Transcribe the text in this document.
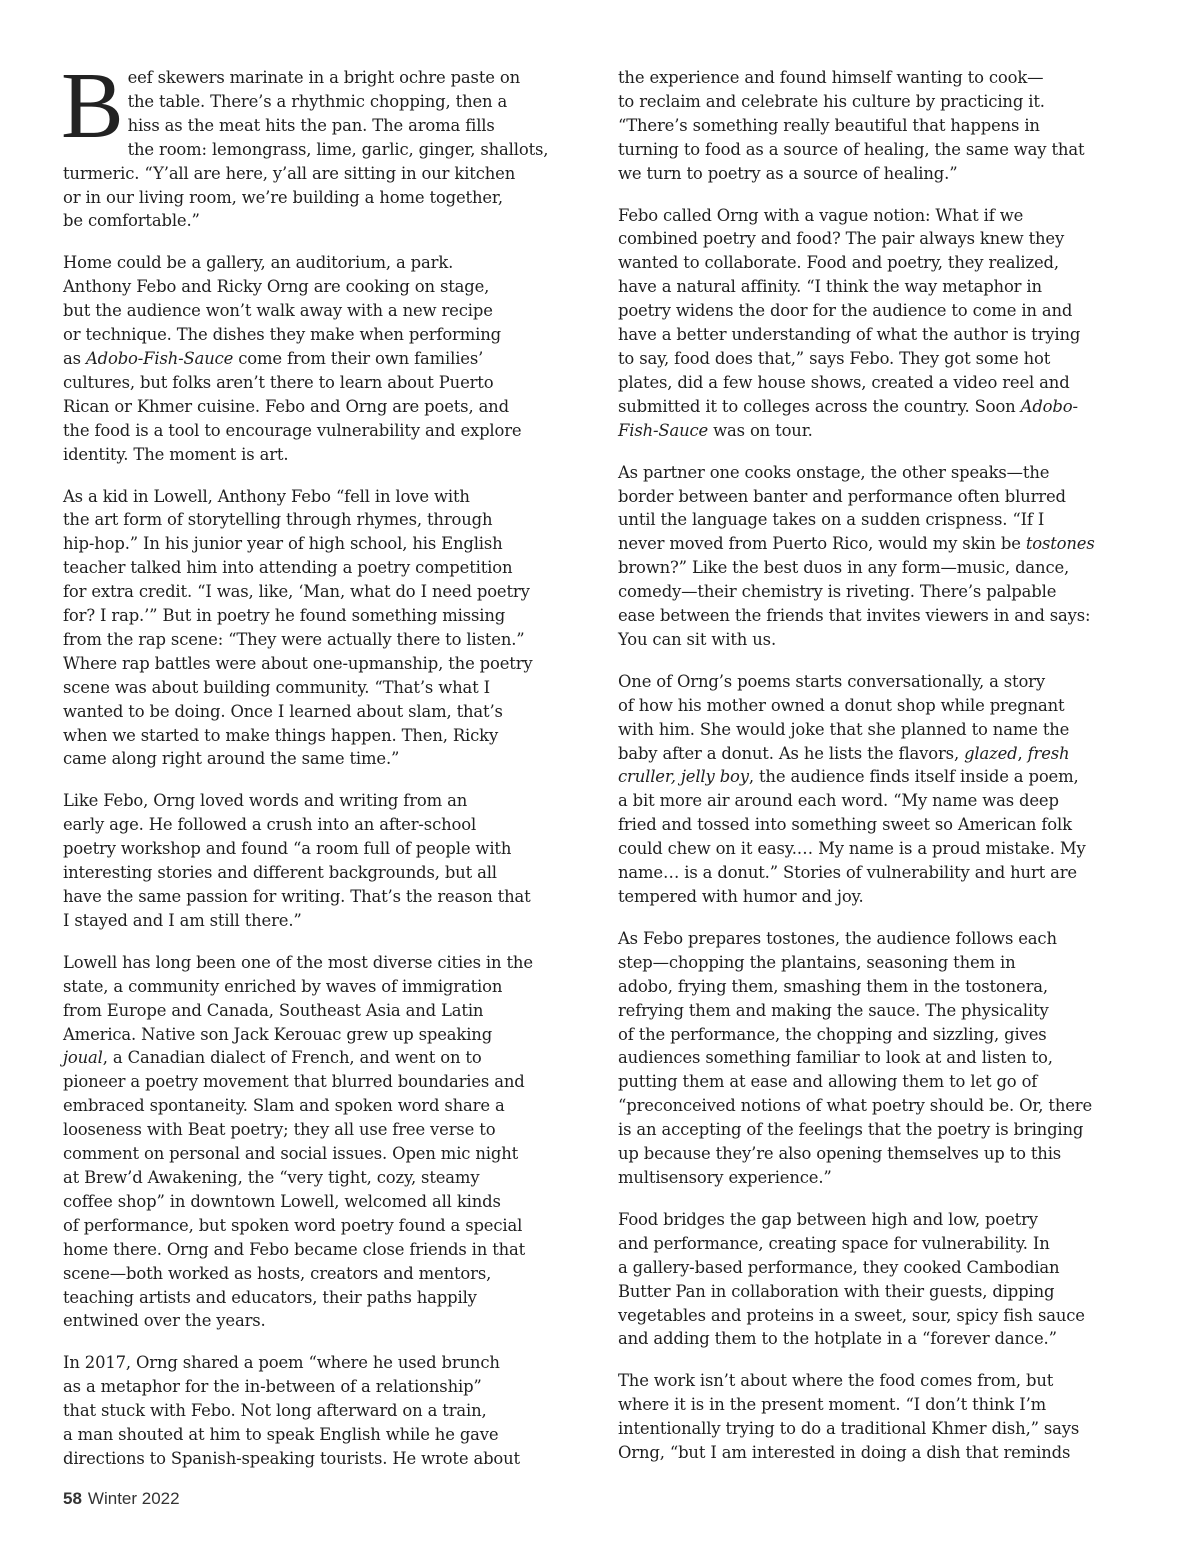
Beef skewers marinate in a bright ochre paste on
the table. There’s a rhythmic chopping, then a
hiss as the meat hits the pan. The aroma fills
the room: lemongrass, lime, garlic, ginger, shallots,
turmeric. “Y’all are here, y’all are sitting in our kitchen
or in our living room, we’re building a home together,
be comfortable.”

Home could be a gallery, an auditorium, a park.
Anthony Febo and Ricky Orng are cooking on stage,
but the audience won’t walk away with a new recipe
or technique. The dishes they make when performing
as Adobo-Fish-Sauce come from their own families’
cultures, but folks aren’t there to learn about Puerto
Rican or Khmer cuisine. Febo and Orng are poets, and
the food is a tool to encourage vulnerability and explore
identity. The moment is art.

As a kid in Lowell, Anthony Febo “fell in love with
the art form of storytelling through rhymes, through
hip-hop.” In his junior year of high school, his English
teacher talked him into attending a poetry competition
for extra credit. “I was, like, ‘Man, what do I need poetry
for? I rap.’” But in poetry he found something missing
from the rap scene: “They were actually there to listen.”
Where rap battles were about one-upmanship, the poetry
scene was about building community. “That’s what I
wanted to be doing. Once I learned about slam, that’s
when we started to make things happen. Then, Ricky
came along right around the same time.”

Like Febo, Orng loved words and writing from an
early age. He followed a crush into an after-school
poetry workshop and found “a room full of people with
interesting stories and different backgrounds, but all
have the same passion for writing. That’s the reason that
I stayed and I am still there.”

Lowell has long been one of the most diverse cities in the
state, a community enriched by waves of immigration
from Europe and Canada, Southeast Asia and Latin
America. Native son Jack Kerouac grew up speaking
joual, a Canadian dialect of French, and went on to
pioneer a poetry movement that blurred boundaries and
embraced spontaneity. Slam and spoken word share a
looseness with Beat poetry; they all use free verse to
comment on personal and social issues. Open mic night
at Brew’d Awakening, the “very tight, cozy, steamy
coffee shop” in downtown Lowell, welcomed all kinds
of performance, but spoken word poetry found a special
home there. Orng and Febo became close friends in that
scene—both worked as hosts, creators and mentors,
teaching artists and educators, their paths happily
entwined over the years.

In 2017, Orng shared a poem “where he used brunch
as a metaphor for the in-between of a relationship”
that stuck with Febo. Not long afterward on a train,
a man shouted at him to speak English while he gave
directions to Spanish-speaking tourists. He wrote about

the experience and found himself wanting to cook—
to reclaim and celebrate his culture by practicing it.
“There’s something really beautiful that happens in
turning to food as a source of healing, the same way that
we turn to poetry as a source of healing.”

Febo called Orng with a vague notion: What if we
combined poetry and food? The pair always knew they
wanted to collaborate. Food and poetry, they realized,
have a natural affinity. “I think the way metaphor in
poetry widens the door for the audience to come in and
have a better understanding of what the author is trying
to say, food does that,” says Febo. They got some hot
plates, did a few house shows, created a video reel and
submitted it to colleges across the country. Soon Adobo-
Fish-Sauce was on tour.

As partner one cooks onstage, the other speaks—the
border between banter and performance often blurred
until the language takes on a sudden crispness. “If I
never moved from Puerto Rico, would my skin be tostones
brown?” Like the best duos in any form—music, dance,
comedy—their chemistry is riveting. There’s palpable
ease between the friends that invites viewers in and says:
You can sit with us.

One of Orng’s poems starts conversationally, a story
of how his mother owned a donut shop while pregnant
with him. She would joke that she planned to name the
baby after a donut. As he lists the flavors, glazed, fresh
cruller, jelly boy, the audience finds itself inside a poem,
a bit more air around each word. “My name was deep
fried and tossed into something sweet so American folk
could chew on it easy.… My name is a proud mistake. My
name… is a donut.” Stories of vulnerability and hurt are
tempered with humor and joy.

As Febo prepares tostones, the audience follows each
step—chopping the plantains, seasoning them in
adobo, frying them, smashing them in the tostonera,
refrying them and making the sauce. The physicality
of the performance, the chopping and sizzling, gives
audiences something familiar to look at and listen to,
putting them at ease and allowing them to let go of
“preconceived notions of what poetry should be. Or, there
is an accepting of the feelings that the poetry is bringing
up because they’re also opening themselves up to this
multisensory experience.”

Food bridges the gap between high and low, poetry
and performance, creating space for vulnerability. In
a gallery-based performance, they cooked Cambodian
Butter Pan in collaboration with their guests, dipping
vegetables and proteins in a sweet, sour, spicy fish sauce
and adding them to the hotplate in a “forever dance.”

The work isn’t about where the food comes from, but
where it is in the present moment. “I don’t think I’m
intentionally trying to do a traditional Khmer dish,” says
Orng, “but I am interested in doing a dish that reminds

58 Winter 2022
